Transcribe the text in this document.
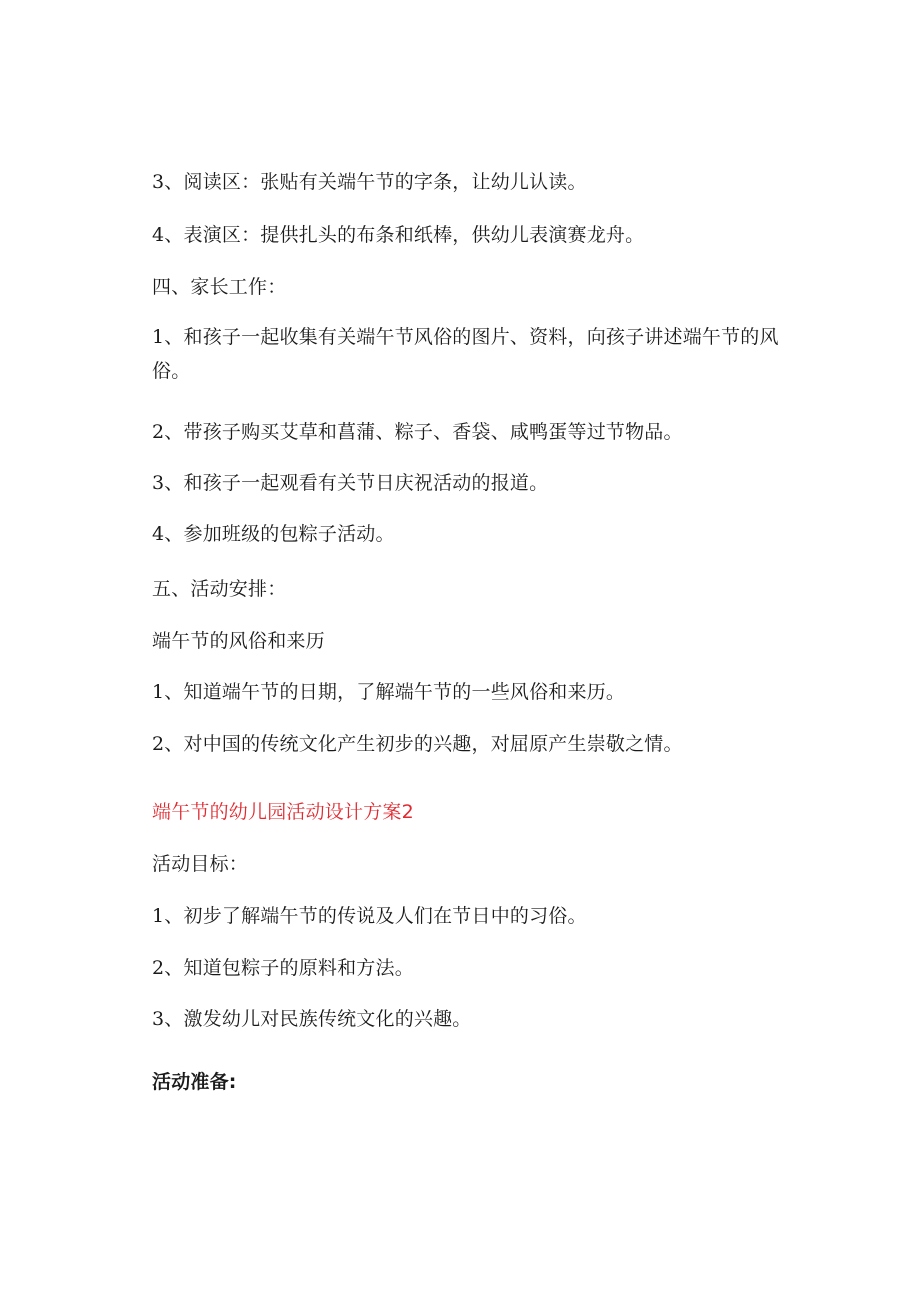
3、阅读区：张贴有关端午节的字条，让幼儿认读。
4、表演区：提供扎头的布条和纸棒，供幼儿表演赛龙舟。
四、家长工作：
1、和孩子一起收集有关端午节风俗的图片、资料，向孩子讲述端午节的风俗。
2、带孩子购买艾草和菖蒲、粽子、香袋、咸鸭蛋等过节物品。
3、和孩子一起观看有关节日庆祝活动的报道。
4、参加班级的包粽子活动。
五、活动安排：
端午节的风俗和来历
1、知道端午节的日期，了解端午节的一些风俗和来历。
2、对中国的传统文化产生初步的兴趣，对屈原产生崇敬之情。
端午节的幼儿园活动设计方案2
活动目标：
1、初步了解端午节的传说及人们在节日中的习俗。
2、知道包粽子的原料和方法。
3、激发幼儿对民族传统文化的兴趣。
活动准备:
